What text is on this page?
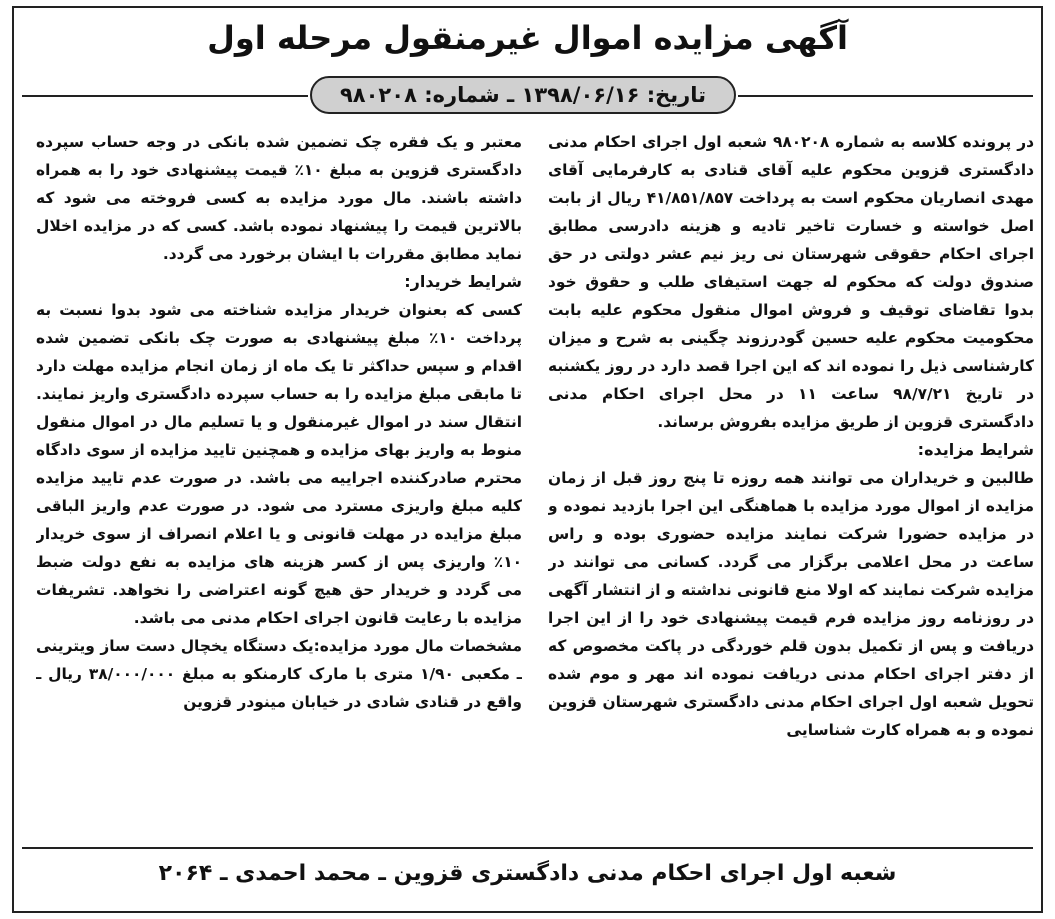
آگهی مزایده اموال غیرمنقول مرحله اول
تاریخ: ۱۳۹۸/۰۶/۱۶ ـ شماره: ۹۸۰۲۰۸

در پرونده کلاسه به شماره ۹۸۰۲۰۸ شعبه اول اجرای احکام مدنی دادگستری قزوین محکوم علیه آقای قنادی به کارفرمایی آقای مهدی انصاریان محکوم است به پرداخت ۴۱/۸۵۱/۸۵۷ ریال از بابت اصل خواسته و خسارت تاخیر تادیه و هزینه دادرسی مطابق اجرای احکام حقوقی شهرستان نی ریز نیم عشر دولتی در حق صندوق دولت که محکوم له جهت استیفای طلب و حقوق خود بدوا تقاضای توقیف و فروش اموال منقول محکوم علیه بابت محکومیت محکوم علیه حسین گودرزوند چگینی به شرح و میزان کارشناسی ذیل را نموده اند که این اجرا قصد دارد در روز یکشنبه در تاریخ ۹۸/۷/۲۱ ساعت ۱۱ در محل اجرای احکام مدنی دادگستری قزوین از طریق مزایده بفروش برساند.

شرایط مزایده:

طالبین و خریداران می توانند همه روزه تا پنج روز قبل از زمان مزایده از اموال مورد مزایده با هماهنگی این اجرا بازدید نموده و در مزایده حضورا شرکت نمایند مزایده حضوری بوده و راس ساعت در محل اعلامی برگزار می گردد. کسانی می توانند در مزایده شرکت نمایند که اولا منع قانونی نداشته و از انتشار آگهی در روزنامه روز مزایده فرم قیمت پیشنهادی خود را از این اجرا دریافت و پس از تکمیل بدون قلم خوردگی در پاکت مخصوص که از دفتر اجرای احکام مدنی دریافت نموده اند مهر و موم شده تحویل شعبه اول اجرای احکام مدنی دادگستری شهرستان قزوین نموده و به همراه کارت شناسایی

معتبر و یک فقره چک تضمین شده بانکی در وجه حساب سپرده دادگستری قزوین به مبلغ ۱۰٪ قیمت پیشنهادی خود را به همراه داشته باشند. مال مورد مزایده به کسی فروخته می شود که بالاترین قیمت را پیشنهاد نموده باشد. کسی که در مزایده اخلال نماید مطابق مقررات با ایشان برخورد می گردد.

شرایط خریدار:

کسی که بعنوان خریدار مزایده شناخته می شود بدوا نسبت به پرداخت ۱۰٪ مبلغ پیشنهادی به صورت چک بانکی تضمین شده اقدام و سپس حداکثر تا یک ماه از زمان انجام مزایده مهلت دارد تا مابقی مبلغ مزایده را به حساب سپرده دادگستری واریز نمایند. انتقال سند در اموال غیرمنقول و یا تسلیم مال در اموال منقول منوط به واریز بهای مزایده و همچنین تایید مزایده از سوی دادگاه محترم صادرکننده اجراییه می باشد. در صورت عدم تایید مزایده کلیه مبلغ واریزی مسترد می شود. در صورت عدم واریز الباقی مبلغ مزایده در مهلت قانونی و یا اعلام انصراف از سوی خریدار ۱۰٪ واریزی پس از کسر هزینه های مزایده به نفع دولت ضبط می گردد و خریدار حق هیچ گونه اعتراضی را نخواهد. تشریفات مزایده با رعایت قانون اجرای احکام مدنی می باشد.

مشخصات مال مورد مزایده:یک دستگاه یخچال دست ساز ویترینی ـ مکعبی ۱/۹۰ متری با مارک کارمنکو به مبلغ ۳۸/۰۰۰/۰۰۰ ریال ـ واقع در قنادی شادی در خیابان مینودر قزوین

شعبه اول اجرای احکام مدنی دادگستری قزوین ـ محمد احمدی ـ ۲۰۶۴
